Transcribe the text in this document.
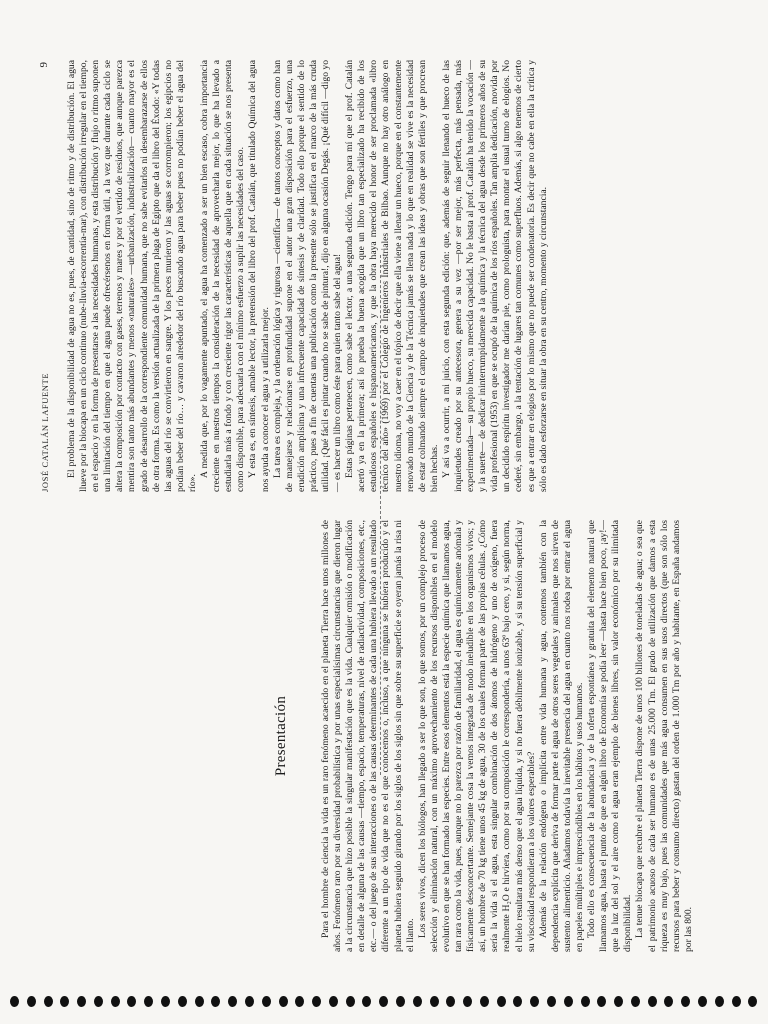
Presentación	Para el hombre de ciencia la vida es un raro fenómeno acaecido en el planeta Tierra hace unos millones de años. Fenómeno raro por su diversidad probabilística y por unas especialísimas circunstancias que dieron lugar a la circunstancia que hizo posible la singular manifestación que es la vida. Cualquier omisión o modificación en detalle de alguna de las causas —tiempo, espacio, temperaturas, nivel de radiactividad, composiciones, etc., etc.— o del juego de sus interacciones o de las causas determinantes de cada una hubiera llevado a un resultado diferente a un tipo de vida que no es el que conocemos o, incluso, a que ninguna se hubiera producido y el planeta hubiera seguido girando por los siglos de los siglos sin que sobre su superficie se oyeran jamás la risa ni el llanto. Los seres vivos, dicen los biólogos, han llegado a ser lo que son, lo que somos, por un complejo proceso de selección y eliminación natural, con un máximo aprovechamiento de los recursos disponibles en el modelo evolutivo en que se han formado las especies. Entre esos elementos está la especie química que llamamos agua, tan rara como la vida, pues, aunque no lo parezca por razón de familiaridad, el agua es químicamente anómala y físicamente desconcertante. Semejante cosa la vemos integrada de modo ineludible en los organismos vivos; y así, un hombre de 70 kg tiene unos 45 kg de agua, 30 de los cuales forman parte de las propias células. ¿Cómo sería la vida si el agua, esta singular combinación de dos átomos de hidrógeno y uno de oxígeno, fuera realmente H₂O e hirviera, como por su composición le correspondería, a unos 63º bajo cero, y si, según norma, el hielo resultara más denso que el agua líquida, y si no fuera débilmente ionizable, y si su tensión superficial y su viscosidad respondieran a los valores esperables? Además de la relación endógena o implícita entre vida humana y agua, contemos también con la dependencia explícita que deriva de formar parte el agua de otros seres vegetales y animales que nos sirven de sustento alimenticio. Añadamos todavía la inevitable presencia del agua en cuanto nos rodea por entrar el agua en papeles múltiples e imprescindibles en los hábitos y usos humanos. Todo ello es consecuencia de la abundancia y de la oferta espontánea y gratuita del elemento natural que llamamos agua, hasta el punto de que en algún libro de Economía se podía leer —hasta hace bien poco, ¡ay!— que la luz del sol y el aire como el agua eran ejemplo de bienes libres, sin valor económico por su ilimitada disponibilidad. La tenue biocapa que recubre el planeta Tierra dispone de unos 100 billones de toneladas de agua; o sea que el patrimonio acuoso de cada ser humano es de unas 25.000 Tm. El grado de utilización que damos a esta riqueza es muy bajo, pues las comunidades que más agua consumen en sus usos directos (que son sólo los recursos para beber y consumo directo) gastan del orden de 1.000 Tm por año y habitante, en España andamos por las 800.

JOSÉ CATALÁN LAFUENTE
9 El problema de la disponibilidad de agua no es, pues, de cantidad, sino de ritmo y de distribución. El agua llueve por la biocapa en un ciclo continuo (nube-lluvia-escorrentía-mar), con distribución irregular en el tiempo, en el espacio y en la forma de presentarse a las necesidades humanas, y esta distribución y flujo o ritmo suponen una limitación del tiempo en que el agua puede ofrecérsenos en forma útil, a la vez que durante cada ciclo se altera la composición por contacto con gases, terrenos y mares y por el vertido de residuos, que aunque parezca mentira son tanto más abundantes y menos «naturales» —urbanización, industrialización— cuanto mayor es el grado de desarrollo de la correspondiente comunidad humana, que no sabe evitarlos ni desembarazarse de ellos de otra forma. Es como la versión actualizada de la primera plaga de Egipto que da el libro del Éxodo: «Y todas las aguas del río se convirtieron en sangre. Y los peces murieron y las aguas se corrompieron; los egipcios no podían beber del río… y cavaron alrededor del río buscando agua para beber pues no podían beber el agua del río».

A medida que, por lo vagamente apuntado, el agua ha comenzado a ser un bien escaso, cobra importancia creciente en nuestros tiempos la consideración de la necesidad de aprovecharla mejor, lo que ha llevado a estudiarla más a fondo y con creciente rigor las características de aquella que en cada situación se nos presenta como disponible, para adecuarla con el mínimo esfuerzo a suplir las necesidades del caso. Y esta es, en síntesis, amable lector, la pretensión del libro del prof. Catalán, que titulado Química del agua nos ayuda a conocer el agua y a utilizarla mejor. La tarea es compleja, y la ordenación lógica y rigurosa —científica— de tantos conceptos y datos como han de manejarse y relacionarse en profundidad supone en el autor una gran disposición para el esfuerzo, una erudición amplísima y una infrecuente capacidad de síntesis y de claridad. Todo ello porque el sentido de lo práctico, pues a fin de cuentas una publicación como la presente sólo se justifica en el marco de la más cruda utilidad. ¡Qué fácil es pintar cuando no se sabe de pintura!, dijo en alguna ocasión Degás. ¡Qué difícil —digo yo— es hacer un libro como éste para quien tanto sabe del agua! Estas páginas pertenecen, como sabe el lector, a una segunda edición. Tengo para mí que el prof. Catalán acertó ya en la primera; así lo prueba la buena acogida que un libro tan especializado ha recibido de los estudiosos españoles e hispanoamericanos, y que la obra haya merecido el honor de ser proclamada «libro técnico del año» (1969) por el Colegio de Ingenieros Industriales de Bilbao. Aunque no hay otro análogo en nuestro idioma, no voy a caer en el tópico de decir que ella viene a llenar un hueco, porque en el constantemente renovado mundo de la Ciencia y de la Técnica jamás se llena nada y lo que en realidad se vive es la necesidad de estar colmando siempre el campo de inquietudes que crean las ideas y obras que son fértiles y que procrean bien hechas. Y así va a ocurrir, a mi juicio, con esta segunda edición: que, además de seguir llenando el hueco de las inquietudes creado por su antecesora, genera a su vez —por ser mejor, más perfecta, más pensada, más experimentada— su propio hueco, su merecida capacidad. No le basta al prof. Catalán ha tenido la vocación —y la suerte— de dedicar ininterrumpidamente a la química y la técnica del agua desde los primeros años de su vida profesional (1953) en que se ocupó de la química de los ríos españoles. Tan amplia dedicación, movida por un decidido espíritu investigador me darían pie, como prologuista, para montar el usual turno de elogios. No cederé, sin embargo, a la tentación de lugares tan comunes como superfluos. Además, si algo tenemos de cierto es que a entrar en elogios por lo mismo que no puede ser condenatoria. Es decir que no cabe en ella la crítica y sólo es dado esforzarse en situar la obra en su centro, momento y circunstancia.
